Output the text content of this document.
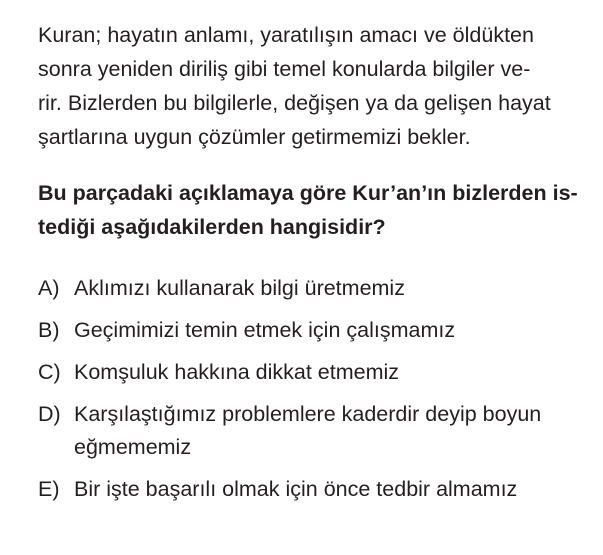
Kuran; hayatın anlamı, yaratılışın amacı ve öldükten

sonra yeniden diriliş gibi temel konularda bilgiler ve-

rir. Bizlerden bu bilgilerle, değişen ya da gelişen hayat

şartlarına uygun çözümler getirmemizi bekler.

Bu parçadaki açıklamaya göre Kur’an’ın bizlerden is-

tediği aşağıdakilerden hangisidir?

A) Aklımızı kullanarak bilgi üretmemiz
B) Geçimimizi temin etmek için çalışmamız
C) Komşuluk hakkına dikkat etmemiz
D) Karşılaştığımız problemlere kaderdir deyip boyun
eğmememiz
E) Bir işte başarılı olmak için önce tedbir almamız
